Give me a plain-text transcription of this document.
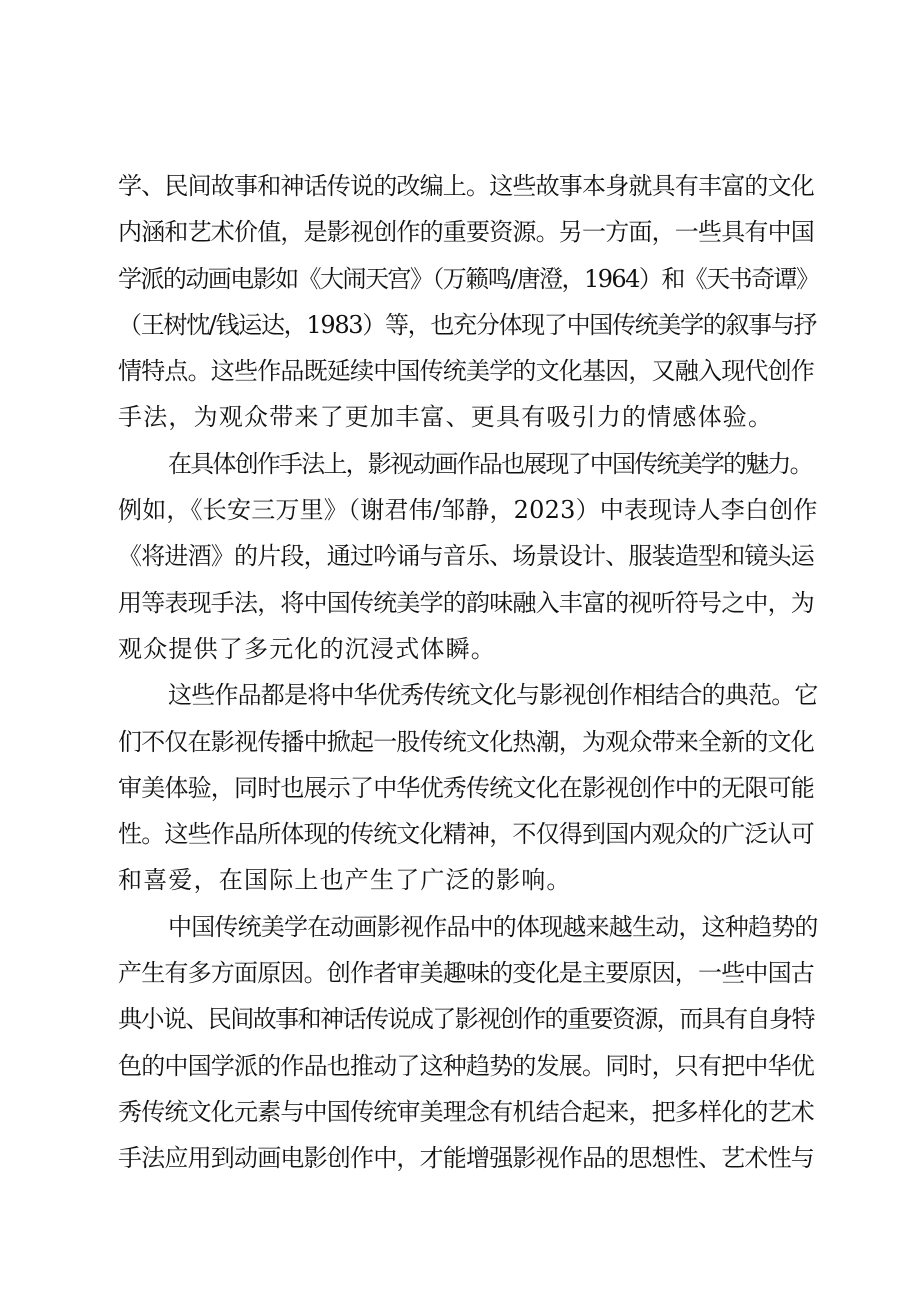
学、民间故事和神话传说的改编上。这些故事本身就具有丰富的文化
内涵和艺术价值，是影视创作的重要资源。另一方面，一些具有中国
学派的动画电影如《大闹天宫》（万籁鸣/唐澄，1964）和《天书奇谭》
（王树忱/钱运达，1983）等，也充分体现了中国传统美学的叙事与抒
情特点。这些作品既延续中国传统美学的文化基因，又融入现代创作
手法，为观众带来了更加丰富、更具有吸引力的情感体验。
在具体创作手法上，影视动画作品也展现了中国传统美学的魅力。
例如，《长安三万里》（谢君伟/邹静，2023）中表现诗人李白创作
《将进酒》的片段，通过吟诵与音乐、场景设计、服装造型和镜头运
用等表现手法，将中国传统美学的韵味融入丰富的视听符号之中，为
观众提供了多元化的沉浸式体瞬。
这些作品都是将中华优秀传统文化与影视创作相结合的典范。它
们不仅在影视传播中掀起一股传统文化热潮，为观众带来全新的文化
审美体验，同时也展示了中华优秀传统文化在影视创作中的无限可能
性。这些作品所体现的传统文化精神，不仅得到国内观众的广泛认可
和喜爱，在国际上也产生了广泛的影响。
中国传统美学在动画影视作品中的体现越来越生动，这种趋势的
产生有多方面原因。创作者审美趣味的变化是主要原因，一些中国古
典小说、民间故事和神话传说成了影视创作的重要资源，而具有自身特
色的中国学派的作品也推动了这种趋势的发展。同时，只有把中华优
秀传统文化元素与中国传统审美理念有机结合起来，把多样化的艺术
手法应用到动画电影创作中，才能增强影视作品的思想性、艺术性与
